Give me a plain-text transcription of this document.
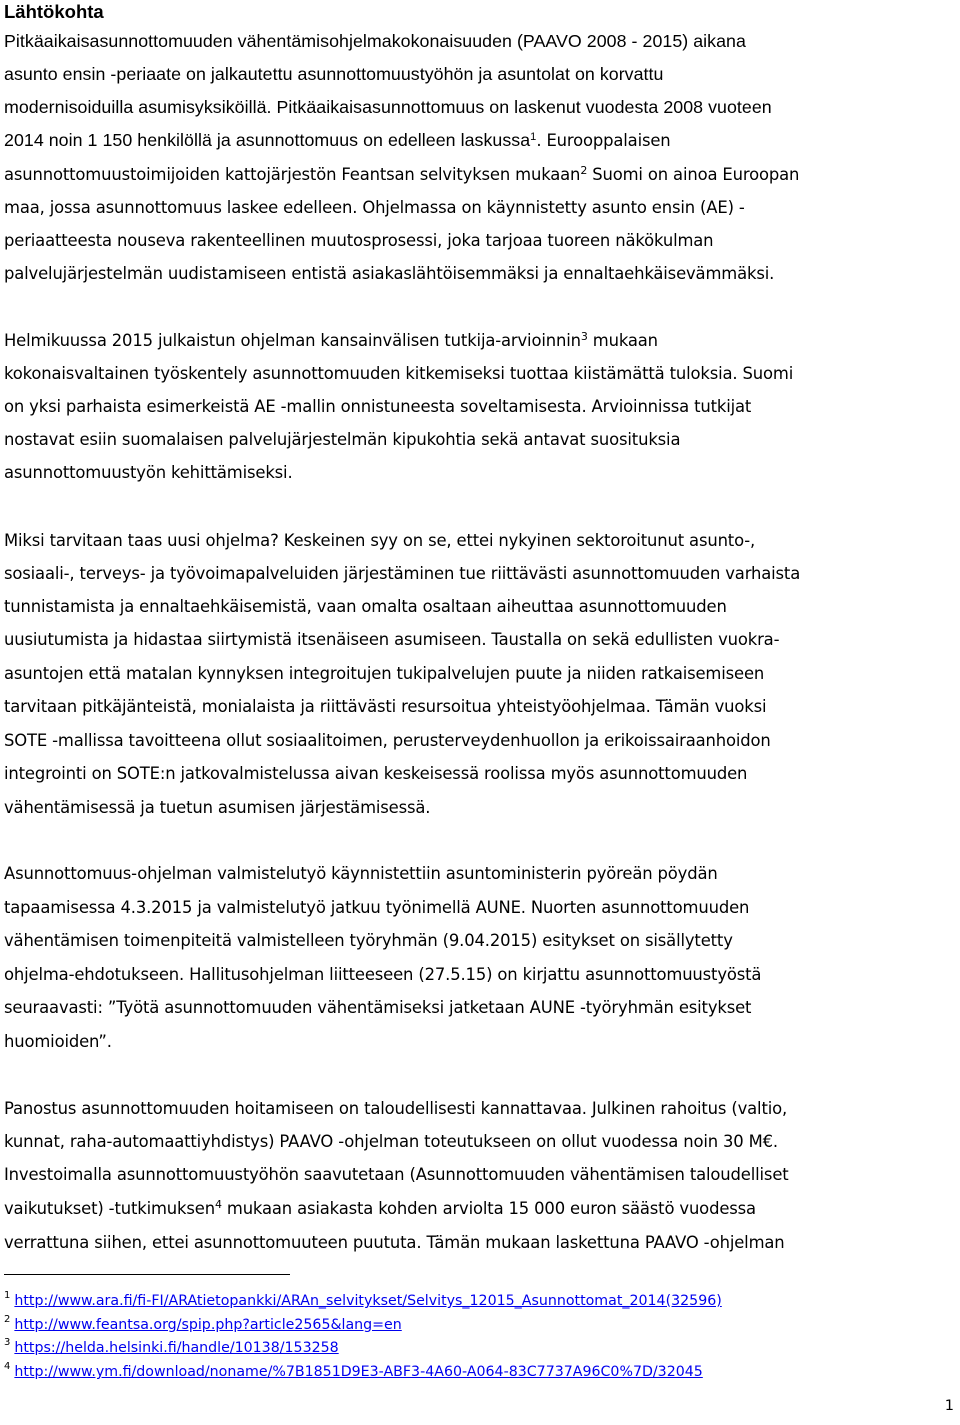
Lähtökohta
Pitkäaikaisasunnottomuuden vähentämisohjelmakokonaisuuden (PAAVO 2008 - 2015) aikana
asunto ensin -periaate on jalkautettu asunnottomuustyöhön ja asuntolat on korvattu
modernisoiduilla asumisyksiköillä. Pitkäaikaisasunnottomuus on laskenut vuodesta 2008 vuoteen
2014 noin 1 150 henkilöllä ja asunnottomuus on edelleen laskussa$^1$. Eurooppalaisen
asunnottomuustoimijoiden kattojärjestön Feantsan selvityksen mukaan$^2$ Suomi on ainoa Euroopan
maa, jossa asunnottomuus laskee edelleen. Ohjelmassa on käynnistetty asunto ensin (AE) -
periaatteesta nouseva rakenteellinen muutosprosessi, joka tarjoaa tuoreen näkökulman
palvelujärjestelmän uudistamiseen entistä asiakaslähtöisemmäksi ja ennaltaehkäisevämmäksi.
Helmikuussa 2015 julkaistun ohjelman kansainvälisen tutkija-arvioinnin$^3$ mukaan
kokonaisvaltainen työskentely asunnottomuuden kitkemiseksi tuottaa kiistämättä tuloksia. Suomi
on yksi parhaista esimerkeistä AE -mallin onnistuneesta soveltamisesta. Arvioinnissa tutkijat
nostavat esiin suomalaisen palvelujärjestelmän kipukohtia sekä antavat suosituksia
asunnottomuustyön kehittämiseksi.
Miksi tarvitaan taas uusi ohjelma? Keskeinen syy on se, ettei nykyinen sektoroitunut asunto-,
sosiaali-, terveys- ja työvoimapalveluiden järjestäminen tue riittävästi asunnottomuuden varhaista
tunnistamista ja ennaltaehkäisemistä, vaan omalta osaltaan aiheuttaa asunnottomuuden
uusiutumista ja hidastaa siirtymistä itsenäiseen asumiseen. Taustalla on sekä edullisten vuokra-
asuntojen että matalan kynnyksen integroitujen tukipalvelujen puute ja niiden ratkaisemiseen
tarvitaan pitkäjänteistä, monialaista ja riittävästi resursoitua yhteistyöohjelmaa. Tämän vuoksi
SOTE -mallissa tavoitteena ollut sosiaalitoimen, perusterveydenhuollon ja erikoissairaanhoidon
integrointi on SOTE:n jatkovalmistelussa aivan keskeisessä roolissa myös asunnottomuuden
vähentämisessä ja tuetun asumisen järjestämisessä.
Asunnottomuus-ohjelman valmistelutyö käynnistettiin asuntoministerin pyöreän pöydän
tapaamisessa 4.3.2015 ja valmistelutyö jatkuu työnimellä AUNE. Nuorten asunnottomuuden
vähentämisen toimenpiteitä valmistelleen työryhmän (9.04.2015) esitykset on sisällytetty
ohjelma-ehdotukseen. Hallitusohjelman liitteeseen (27.5.15) on kirjattu asunnottomuustyöstä
seuraavasti: ”Työtä asunnottomuuden vähentämiseksi jatketaan AUNE -työryhmän esitykset
huomioiden”.
Panostus asunnottomuuden hoitamiseen on taloudellisesti kannattavaa. Julkinen rahoitus (valtio,
kunnat, raha-automaattiyhdistys) PAAVO -ohjelman toteutukseen on ollut vuodessa noin 30 M€.
Investoimalla asunnottomuustyöhön saavutetaan (Asunnottomuuden vähentämisen taloudelliset
vaikutukset) -tutkimuksen$^4$ mukaan asiakasta kohden arviolta 15 000 euron säästö vuodessa
verrattuna siihen, ettei asunnottomuuteen puututa. Tämän mukaan laskettuna PAAVO -ohjelman
$^1$ http://www.ara.fi/fi-FI/ARAtietopankki/ARAn_selvitykset/Selvitys_12015_Asunnottomat_2014(32596)
$^2$ http://www.feantsa.org/spip.php?article2565&lang=en
$^3$ https://helda.helsinki.fi/handle/10138/153258
$^4$ http://www.ym.fi/download/noname/%7B1851D9E3-ABF3-4A60-A064-83C7737A96C0%7D/32045
1
